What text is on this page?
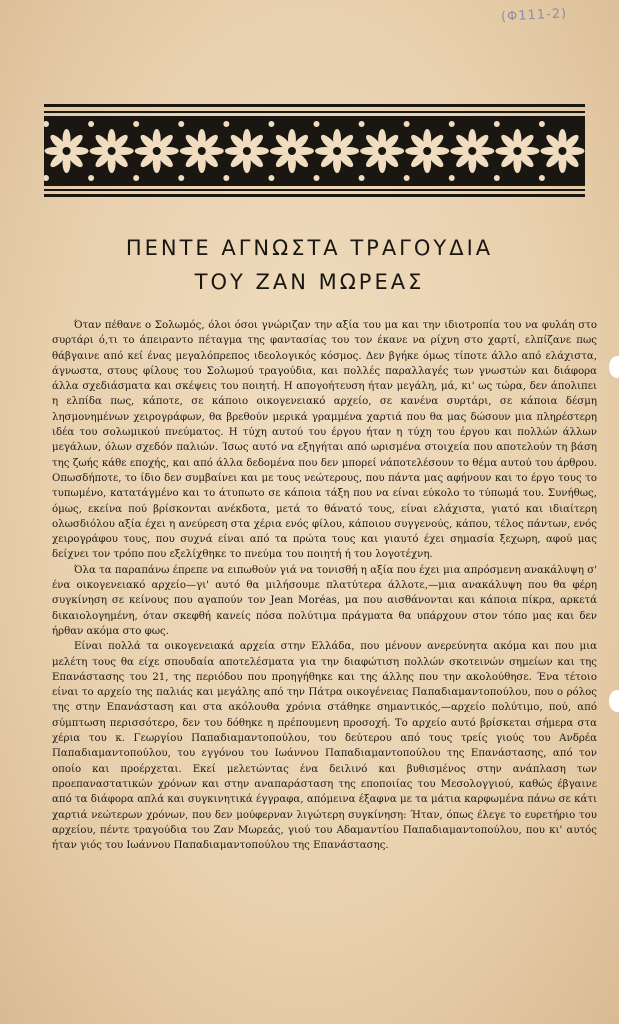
(Φ111-2)
ΠΕΝΤΕ ΑΓΝΩΣΤΑ ΤΡΑΓΟΥΔΙΑ
ΤΟΥ ΖΑΝ ΜΩΡΕΑΣ

Όταν πέθανε ο Σολωμός, όλοι όσοι γνώριζαν την αξία του μα και την ιδιοτροπία του να φυλάη στο συρτάρι ό,τι το άπειραντο πέταγμα της φαντασίας του τον έκανε να ρίχνη στο χαρτί, ελπίζανε πως θάβγαινε από κεί ένας μεγαλόπρεπος ιδεολογικός κόσμος. Δεν βγήκε όμως τίποτε άλλο από ελάχιστα, άγνωστα, στους φίλους του Σολωμού τραγούδια, και πολλές παραλλαγές των γνωστών και διάφορα άλλα σχεδιάσματα και σκέψεις του ποιητή. Η απογοήτευση ήταν μεγάλη, μά, κι' ως τώρα, δεν άπολιπει η ελπίδα πως, κάποτε, σε κάποιο οικογενειακό αρχείο, σε κανένα συρτάρι, σε κάποια δέσμη λησμονημένων χειρογράφων, θα βρεθούν μερικά γραμμένα χαρτιά που θα μας δώσουν μια πληρέστερη ιδέα του σολωμικού πνεύματος. Η τύχη αυτού του έργου ήταν η τύχη του έργου και πολλών άλλων μεγάλων, όλων σχεδόν παλιών. Ίσως αυτό να εξηγήται από ωρισμένα στοιχεία που αποτελούν τη βάση της ζωής κάθε εποχής, και από άλλα δεδομένα που δεν μπορεί νάποτελέσουν το θέμα αυτού του άρθρου. Οπωσδήποτε, το ίδιο δεν συμβαίνει και με τους νεώτερους, που πάντα μας αφήνουν και το έργο τους το τυπωμένο, κατατάγμένο και το άτυπωτο σε κάποια τάξη που να είναι εύκολο το τύπωμά του. Συνήθως, όμως, εκείνα πού βρίσκονται ανέκδοτα, μετά το θάνατό τους, είναι ελάχιστα, γιατό και ιδιαίτερη ολωσδιόλου αξία έχει η ανεύρεση στα χέρια ενός φίλου, κάποιου συγγενούς, κάπου, τέλος πάντων, ενός χειρογράφου τους, που συχνά είναι από τα πρώτα τους και γιαυτό έχει σημασία ξεχωρη, αφού μας δείχνει τον τρόπο που εξελίχθηκε το πνεύμα του ποιητή ή του λογοτέχνη.

Όλα τα παραπάνω έπρεπε να ειπωθούν γιά να τονισθή η αξία που έχει μια απρόσμενη ανακάλυψη σ' ένα οικογενειακό αρχείο—γι' αυτό θα μιλήσουμε πλατύτερα άλλοτε,—μια ανακάλυψη που θα φέρη συγκίνηση σε κείνους που αγαπούν τον Jean Moréas, μα που αισθάνονται και κάποια πίκρα, αρκετά δικαιολογημένη, όταν σκεφθή κανείς πόσα πολύτιμα πράγματα θα υπάρχουν στον τόπο μας και δεν ήρθαν ακόμα στο φως.

Είναι πολλά τα οικογενειακά αρχεία στην Ελλάδα, που μένουν ανερεύνητα ακόμα και που μια μελέτη τους θα είχε σπουδαία αποτελέσματα για την διαφώτιση πολλών σκοτεινών σημείων και της Επανάστασης του 21, της περιόδου που προηγήθηκε και της άλλης που την ακολούθησε. Ένα τέτοιο είναι το αρχείο της παλιάς και μεγάλης από την Πάτρα οικογένειας Παπαδιαμαντοπούλου, που ο ρόλος της στην Επανάσταση και στα ακόλουθα χρόνια στάθηκε σημαντικός,—αρχείο πολύτιμο, πού, από σύμπτωση περισσότερο, δεν του δόθηκε η πρέπουμενη προσοχή. Το αρχείο αυτό βρίσκεται σήμερα στα χέρια του κ. Γεωργίου Παπαδιαμαντοπούλου, του δεύτερου από τους τρείς γιούς του Ανδρέα Παπαδιαμαντοπούλου, του εγγόνου του Ιωάννου Παπαδιαμαντοπούλου της Επανάστασης, από τον οποίο και προέρχεται. Εκεί μελετώντας ένα δειλινό και βυθισμένος στην ανάπλαση των προεπαναστατικών χρόνων και στην αναπαράσταση της εποποιίας του Μεσολογγιού, καθώς έβγαινε από τα διάφορα απλά και συγκινητικά έγγραφα, απόμεινα έξαφνα με τα μάτια καρφωμένα πάνω σε κάτι χαρτιά νεώτερων χρόνων, που δεν μούφερναν λιγώτερη συγκίνηση: Ήταν, όπως έλεγε το ευρετήριο του αρχείου, πέντε τραγούδια του Ζαν Μωρεάς, γιού του Αδαμαντίου Παπαδιαμαντοπούλου, που κι' αυτός ήταν γιός του Ιωάννου Παπαδιαμαντοπούλου της Επανάστασης.
